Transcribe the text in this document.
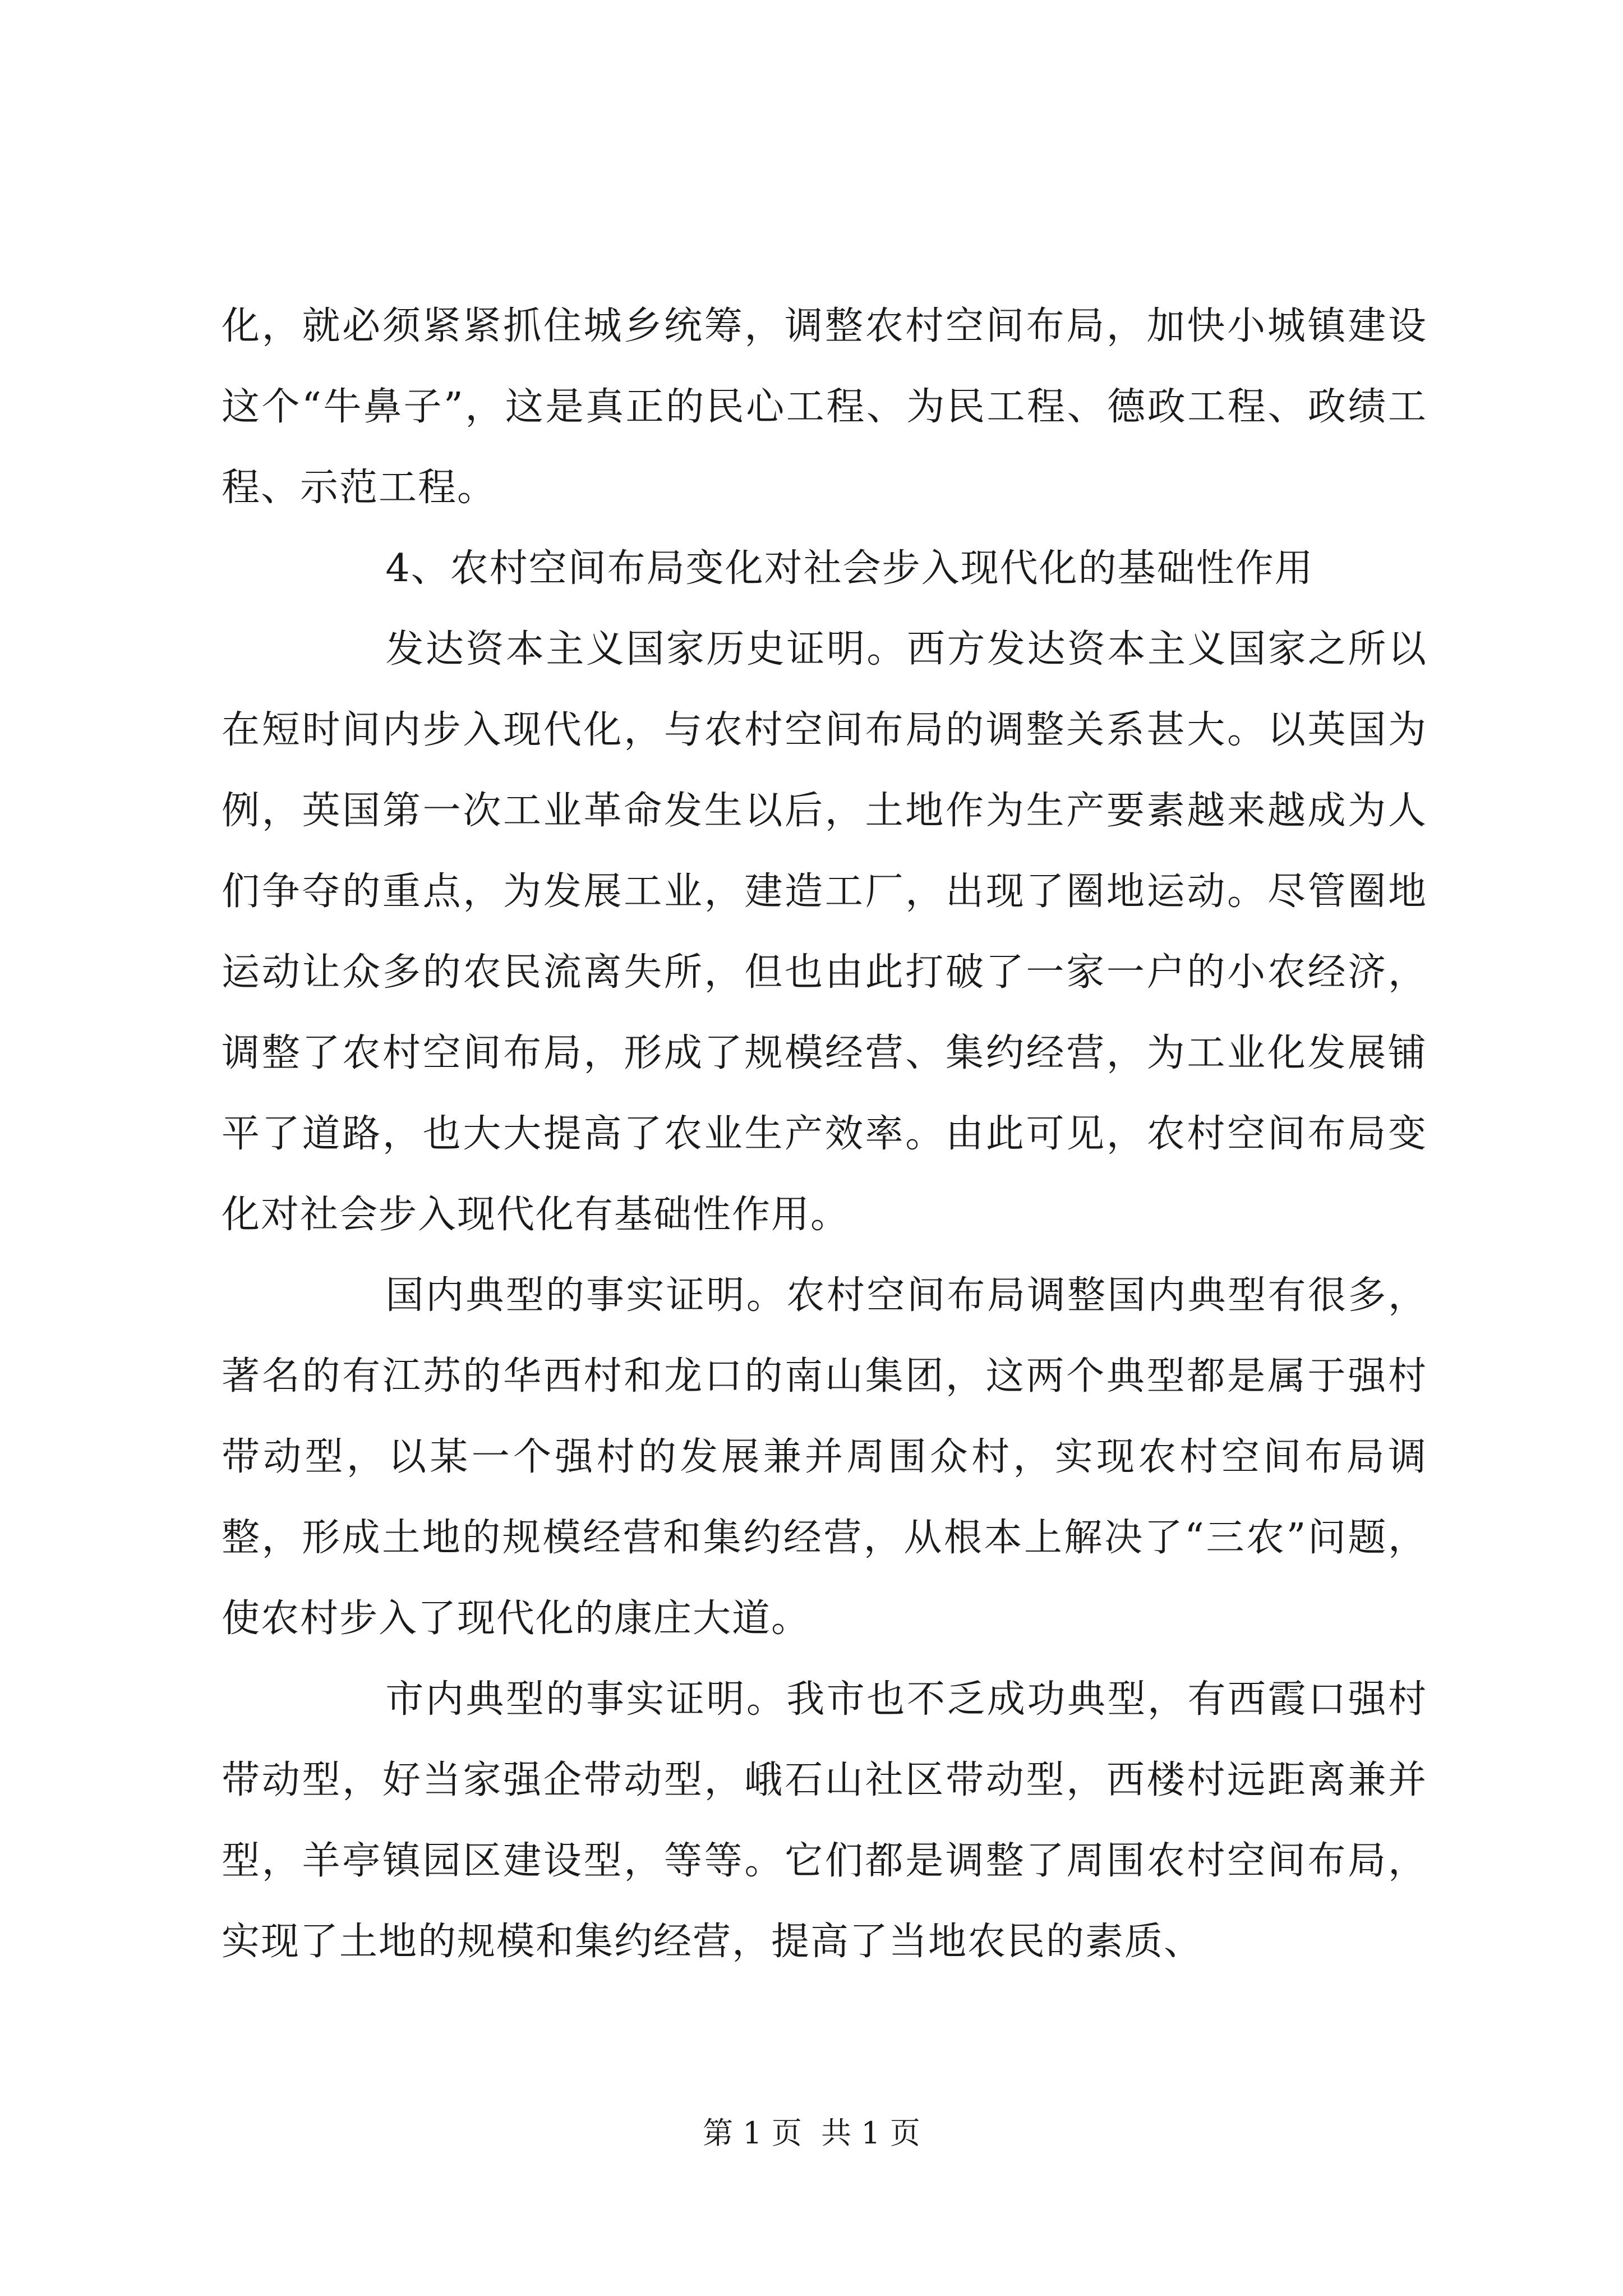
化，就必须紧紧抓住城乡统筹，调整农村空间布局，加快小城镇建设这个“牛鼻子”，这是真正的民心工程、为民工程、德政工程、政绩工程、示范工程。

4、农村空间布局变化对社会步入现代化的基础性作用

发达资本主义国家历史证明。西方发达资本主义国家之所以在短时间内步入现代化，与农村空间布局的调整关系甚大。以英国为例，英国第一次工业革命发生以后，土地作为生产要素越来越成为人们争夺的重点，为发展工业，建造工厂，出现了圈地运动。尽管圈地运动让众多的农民流离失所，但也由此打破了一家一户的小农经济，调整了农村空间布局，形成了规模经营、集约经营，为工业化发展铺平了道路，也大大提高了农业生产效率。由此可见，农村空间布局变化对社会步入现代化有基础性作用。

国内典型的事实证明。农村空间布局调整国内典型有很多，著名的有江苏的华西村和龙口的南山集团，这两个典型都是属于强村带动型，以某一个强村的发展兼并周围众村，实现农村空间布局调整，形成土地的规模经营和集约经营，从根本上解决了“三农”问题，使农村步入了现代化的康庄大道。

市内典型的事实证明。我市也不乏成功典型，有西霞口强村带动型，好当家强企带动型，峨石山社区带动型，西楼村远距离兼并型，羊亭镇园区建设型，等等。它们都是调整了周围农村空间布局，实现了土地的规模和集约经营，提高了当地农民的素质、

第 1 页  共 1 页
